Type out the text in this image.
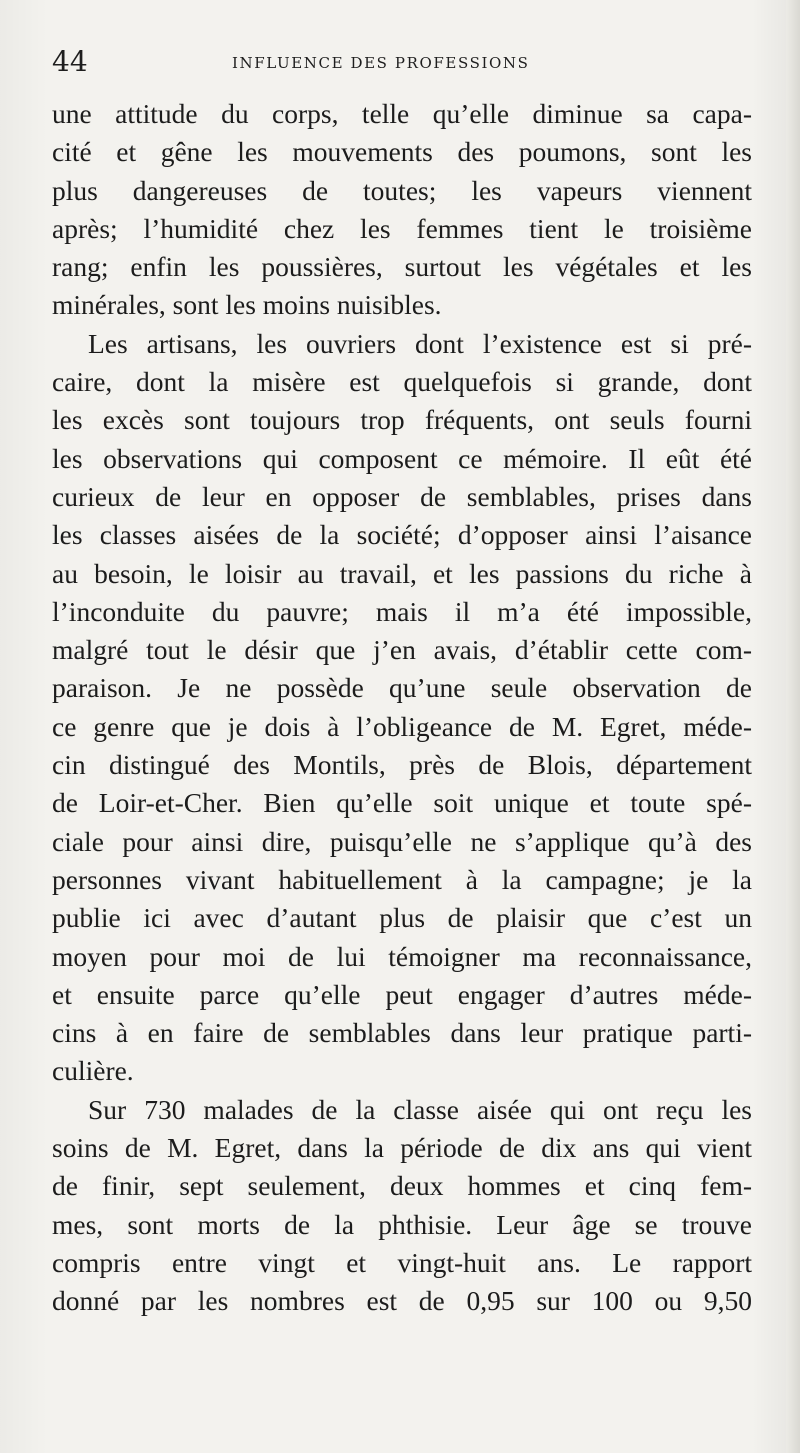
44	INFLUENCE DES PROFESSIONS
une attitude du corps, telle qu’elle diminue sa capa-
cité et gêne les mouvements des poumons, sont les
plus dangereuses de toutes; les vapeurs viennent
après; l’humidité chez les femmes tient le troisième
rang; enfin les poussières, surtout les végétales et les
minérales, sont les moins nuisibles.
Les artisans, les ouvriers dont l’existence est si pré-
caire, dont la misère est quelquefois si grande, dont
les excès sont toujours trop fréquents, ont seuls fourni
les observations qui composent ce mémoire. Il eût été
curieux de leur en opposer de semblables, prises dans
les classes aisées de la société; d’opposer ainsi l’aisance
au besoin, le loisir au travail, et les passions du riche à
l’inconduite du pauvre; mais il m’a été impossible,
malgré tout le désir que j’en avais, d’établir cette com-
paraison. Je ne possède qu’une seule observation de
ce genre que je dois à l’obligeance de M. Egret, méde-
cin distingué des Montils, près de Blois, département
de Loir-et-Cher. Bien qu’elle soit unique et toute spé-
ciale pour ainsi dire, puisqu’elle ne s’applique qu’à des
personnes vivant habituellement à la campagne; je la
publie ici avec d’autant plus de plaisir que c’est un
moyen pour moi de lui témoigner ma reconnaissance,
et ensuite parce qu’elle peut engager d’autres méde-
cins à en faire de semblables dans leur pratique parti-
culière.
Sur 730 malades de la classe aisée qui ont reçu les
soins de M. Egret, dans la période de dix ans qui vient
de finir, sept seulement, deux hommes et cinq fem-
mes, sont morts de la phthisie. Leur âge se trouve
compris entre vingt et vingt-huit ans. Le rapport
donné par les nombres est de 0,95 sur 100 ou 9,50
